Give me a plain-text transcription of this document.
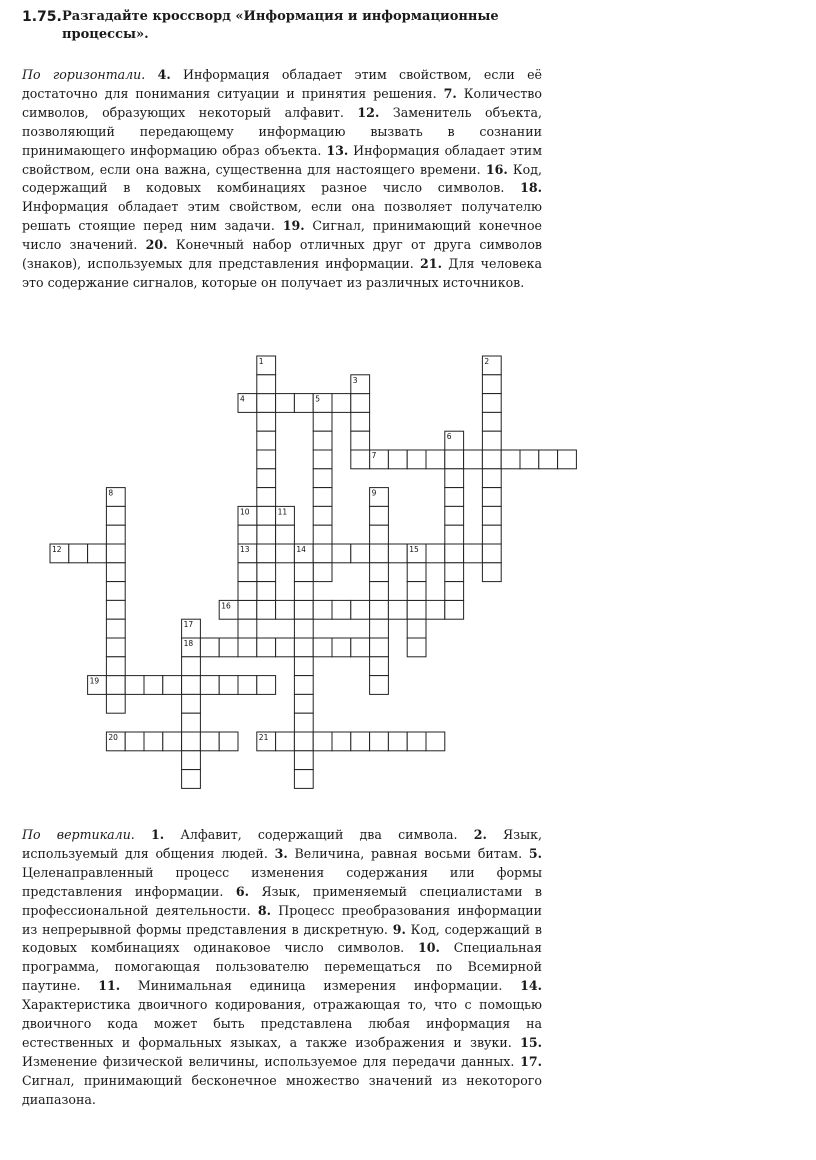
1.75. Разгадайте кроссворд «Информация и информационные процессы».
По горизонтали. 4. Информация обладает этим свойством, если её достаточно для понимания ситуации и принятия решения. 7. Количество символов, образующих некоторый алфавит. 12. Заменитель объекта, позволяющий передающему информацию вызвать в сознании принимающего информацию образ объекта. 13. Информация обладает этим свойством, если она важна, существенна для настоящего времени. 16. Код, содержащий в кодовых комбинациях разное число символов. 18. Информация обладает этим свойством, если она позволяет получателю решать стоящие перед ним задачи. 19. Сигнал, принимающий конечное число значений. 20. Конечный набор отличных друг от друга символов (знаков), используемых для представления информации. 21. Для человека это содержание сигналов, которые он получает из различных источников.
1	2
3
4	5
6
7
8	9
10	11
12	13	14	15
16
17
18
19
20	21
По вертикали. 1. Алфавит, содержащий два символа. 2. Язык, используемый для общения людей. 3. Величина, равная восьми битам. 5. Целенаправленный процесс изменения содержания или формы представления информации. 6. Язык, применяемый специалистами в профессиональной деятельности. 8. Процесс преобразования информации из непрерывной формы представления в дискретную. 9. Код, содержащий в кодовых комбинациях одинаковое число символов. 10. Специальная программа, помогающая пользователю перемещаться по Всемирной паутине. 11. Минимальная единица измерения информации. 14. Характеристика двоичного кодирования, отражающая то, что с помощью двоичного кода может быть представлена любая информация на естественных и формальных языках, а также изображения и звуки. 15. Изменение физической величины, используемое для передачи данных. 17. Сигнал, принимающий бесконечное множество значений из некоторого диапазона.
